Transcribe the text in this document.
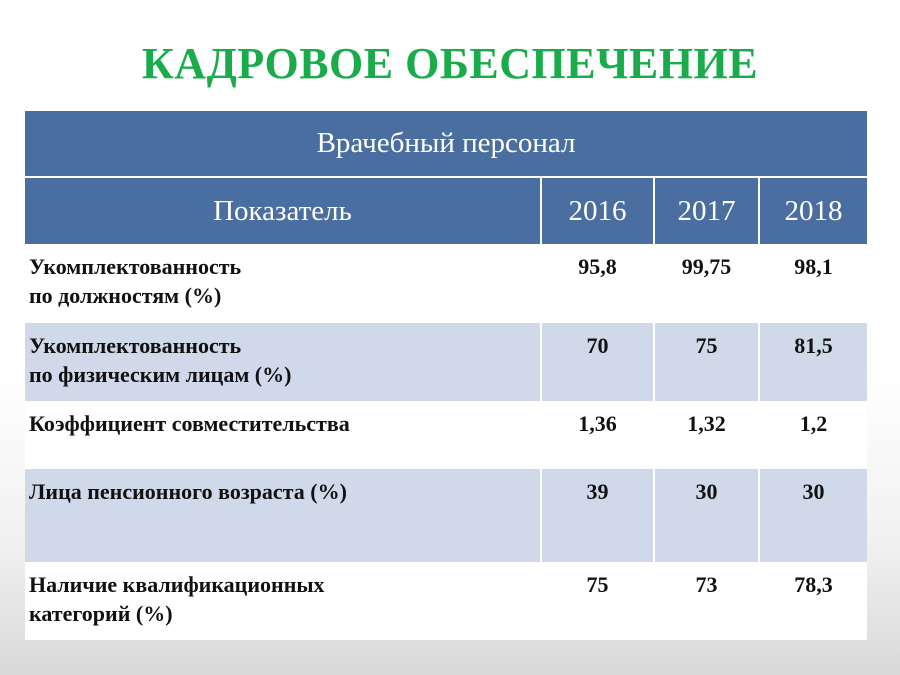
КАДРОВОЕ ОБЕСПЕЧЕНИЕ
Врачебный персонал			
Показатель	2016	2017	2018

Укомплектованность
по должностям (%)	95,8	99,75	98,1

Укомплектованность
по физическим лицам (%)	70	75	81,5

Коэффициент совместительства	1,36	1,32	1,2

Лица пенсионного возраста (%)	39	30	30

Наличие квалификационных
категорий (%)	75	73	78,3
